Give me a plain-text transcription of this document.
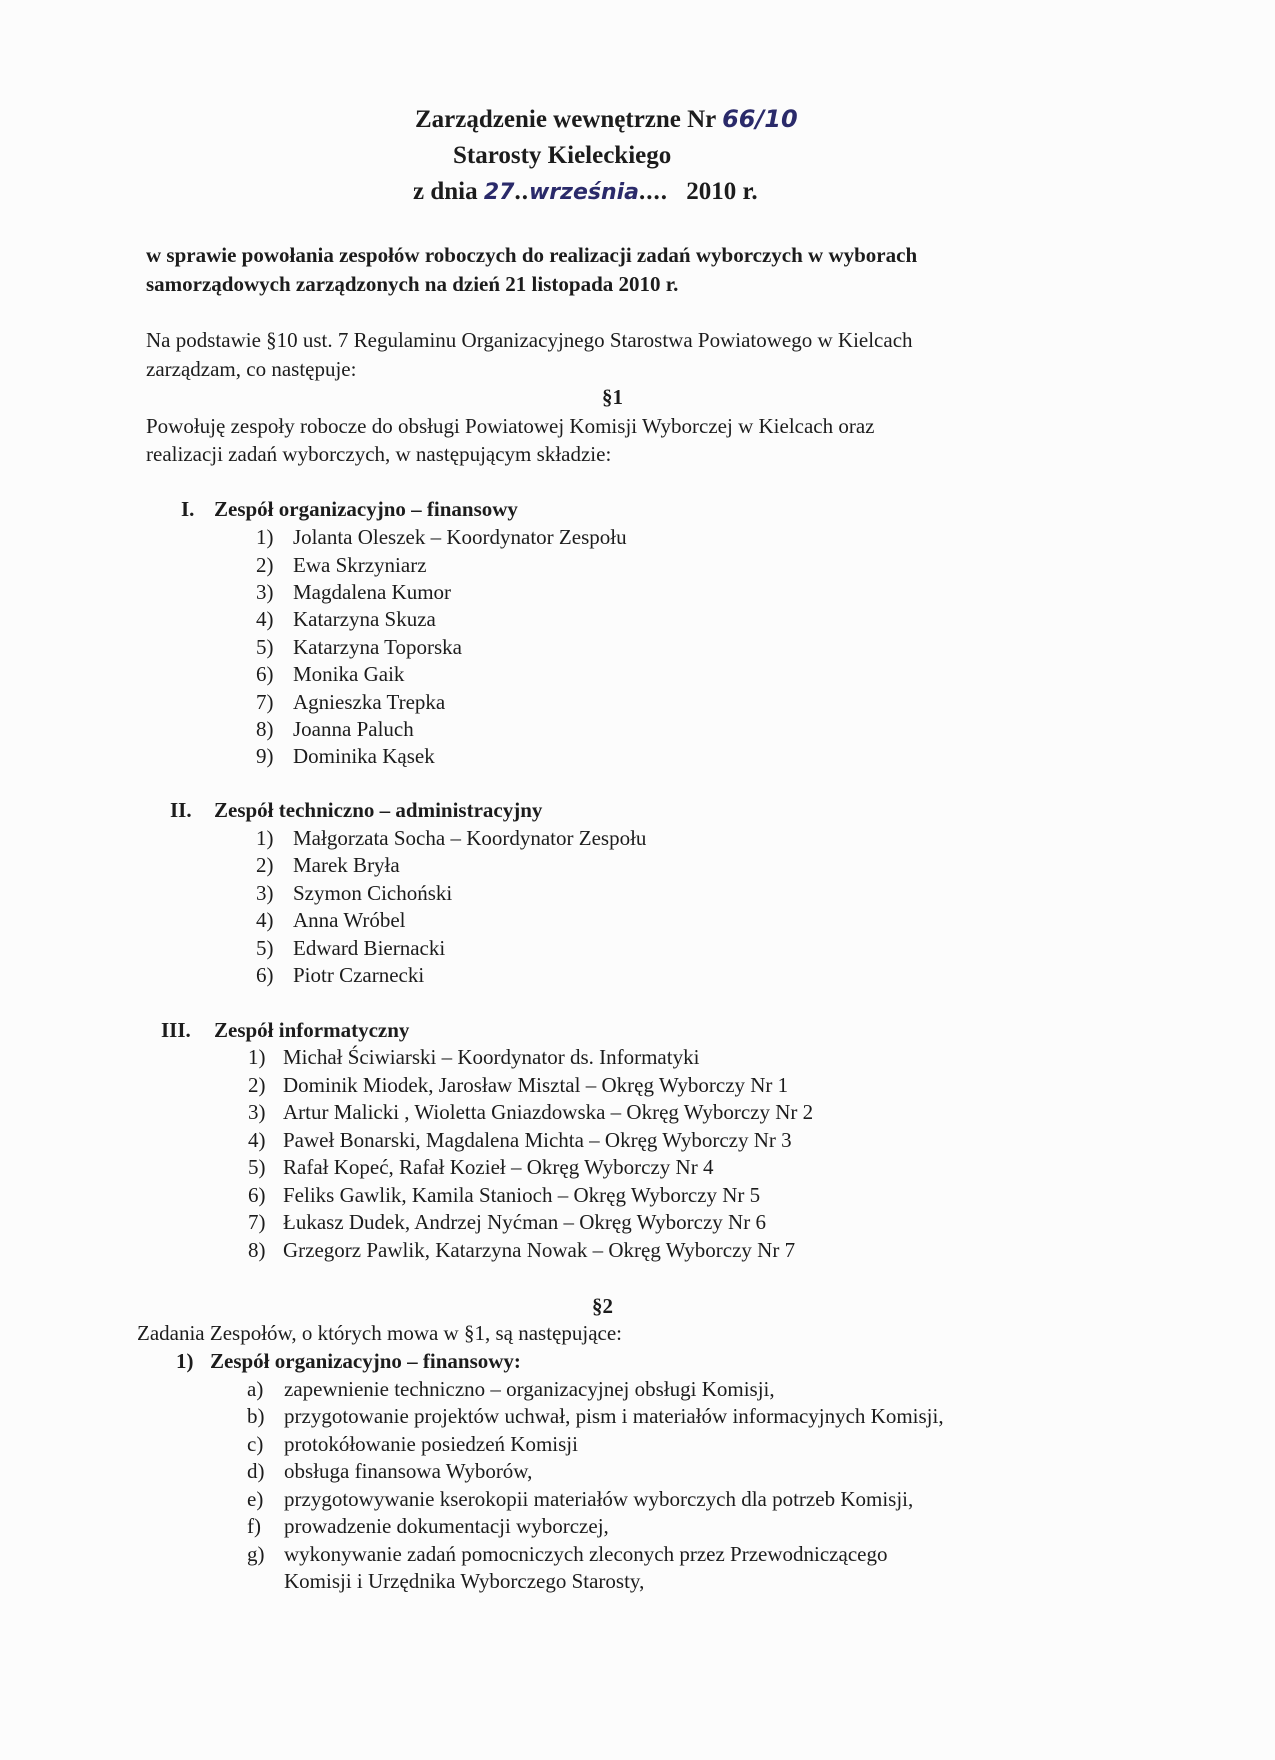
Zarządzenie wewnętrzne Nr 66/10
Starosty Kieleckiego
z dnia 27..września.... 2010 r.
w sprawie powołania zespołów roboczych do realizacji zadań wyborczych w wyborach
samorządowych zarządzonych na dzień 21 listopada 2010 r.
Na podstawie §10 ust. 7 Regulaminu Organizacyjnego Starostwa Powiatowego w Kielcach
zarządzam, co następuje:
§1
Powołuję zespoły robocze do obsługi Powiatowej Komisji Wyborczej w Kielcach oraz
realizacji zadań wyborczych, w następującym składzie:
I. Zespół organizacyjno – finansowy
1) Jolanta Oleszek – Koordynator Zespołu
2) Ewa Skrzyniarz
3) Magdalena Kumor
4) Katarzyna Skuza
5) Katarzyna Toporska
6) Monika Gaik
7) Agnieszka Trepka
8) Joanna Paluch
9) Dominika Kąsek
II. Zespół techniczno – administracyjny
1) Małgorzata Socha – Koordynator Zespołu
2) Marek Bryła
3) Szymon Cichoński
4) Anna Wróbel
5) Edward Biernacki
6) Piotr Czarnecki
III. Zespół informatyczny
1) Michał Ściwiarski – Koordynator ds. Informatyki
2) Dominik Miodek, Jarosław Misztal – Okręg Wyborczy Nr 1
3) Artur Malicki , Wioletta Gniazdowska – Okręg Wyborczy Nr 2
4) Paweł Bonarski, Magdalena Michta – Okręg Wyborczy Nr 3
5) Rafał Kopeć, Rafał Kozieł – Okręg Wyborczy Nr 4
6) Feliks Gawlik, Kamila Stanioch – Okręg Wyborczy Nr 5
7) Łukasz Dudek, Andrzej Nyćman – Okręg Wyborczy Nr 6
8) Grzegorz Pawlik, Katarzyna Nowak – Okręg Wyborczy Nr 7
§2
Zadania Zespołów, o których mowa w §1, są następujące:
1) Zespół organizacyjno – finansowy:
a) zapewnienie techniczno – organizacyjnej obsługi Komisji,
b) przygotowanie projektów uchwał, pism i materiałów informacyjnych Komisji,
c) protokółowanie posiedzeń Komisji
d) obsługa finansowa Wyborów,
e) przygotowywanie kserokopii materiałów wyborczych dla potrzeb Komisji,
f) prowadzenie dokumentacji wyborczej,
g) wykonywanie zadań pomocniczych zleconych przez Przewodniczącego
Komisji i Urzędnika Wyborczego Starosty,
